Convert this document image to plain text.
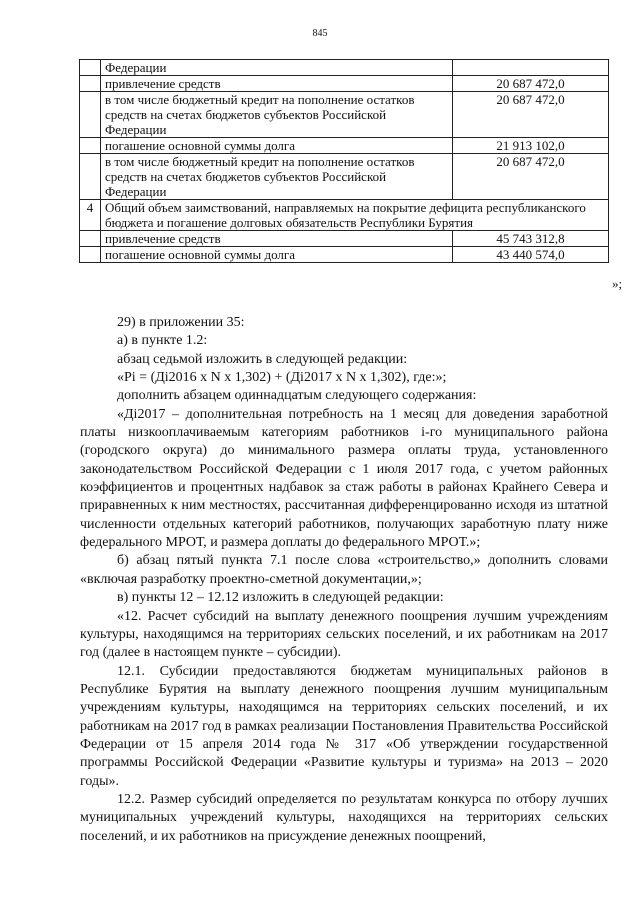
845
	Федерации	
	привлечение средств	20 687 472,0
	в том числе бюджетный кредит на пополнение остатков средств на счетах бюджетов субъектов Российской Федерации	20 687 472,0
	погашение основной суммы долга	21 913 102,0
	в том числе бюджетный кредит на пополнение остатков средств на счетах бюджетов субъектов Российской Федерации	20 687 472,0
4	Общий объем заимствований, направляемых на покрытие дефицита республиканского бюджета и погашение долговых обязательств Республики Бурятия	
	привлечение средств	45 743 312,8
	погашение основной суммы долга	43 440 574,0
»;

29) в приложении 35:

а) в пункте 1.2:

абзац седьмой изложить в следующей редакции:

«Pi = (Дi2016 x N x 1,302) + (Дi2017 x N x 1,302), где:»;

дополнить абзацем одиннадцатым следующего содержания:

«Дi2017 – дополнительная потребность на 1 месяц для доведения заработной платы низкооплачиваемым категориям работников i-го муниципального района (городского округа) до минимального размера оплаты труда, установленного законодательством Российской Федерации с 1 июля 2017 года, с учетом районных коэффициентов и процентных надбавок за стаж работы в районах Крайнего Севера и приравненных к ним местностях, рассчитанная дифференцированно исходя из штатной численности отдельных категорий работников, получающих заработную плату ниже федерального МРОТ, и размера доплаты до федерального МРОТ.»;

б) абзац пятый пункта 7.1 после слова «строительство,» дополнить словами «включая разработку проектно-сметной документации,»;

в) пункты 12 – 12.12 изложить в следующей редакции:

«12. Расчет субсидий на выплату денежного поощрения лучшим учреждениям культуры, находящимся на территориях сельских поселений, и их работникам на 2017 год (далее в настоящем пункте – субсидии).

12.1. Субсидии предоставляются бюджетам муниципальных районов в Республике Бурятия на выплату денежного поощрения лучшим муниципальным учреждениям культуры, находящимся на территориях сельских поселений, и их работникам на 2017 год в рамках реализации Постановления Правительства Российской Федерации от 15 апреля 2014 года № 317 «Об утверждении государственной программы Российской Федерации «Развитие культуры и туризма» на 2013 – 2020 годы».

12.2. Размер субсидий определяется по результатам конкурса по отбору лучших муниципальных учреждений культуры, находящихся на территориях сельских поселений, и их работников на присуждение денежных поощрений,
